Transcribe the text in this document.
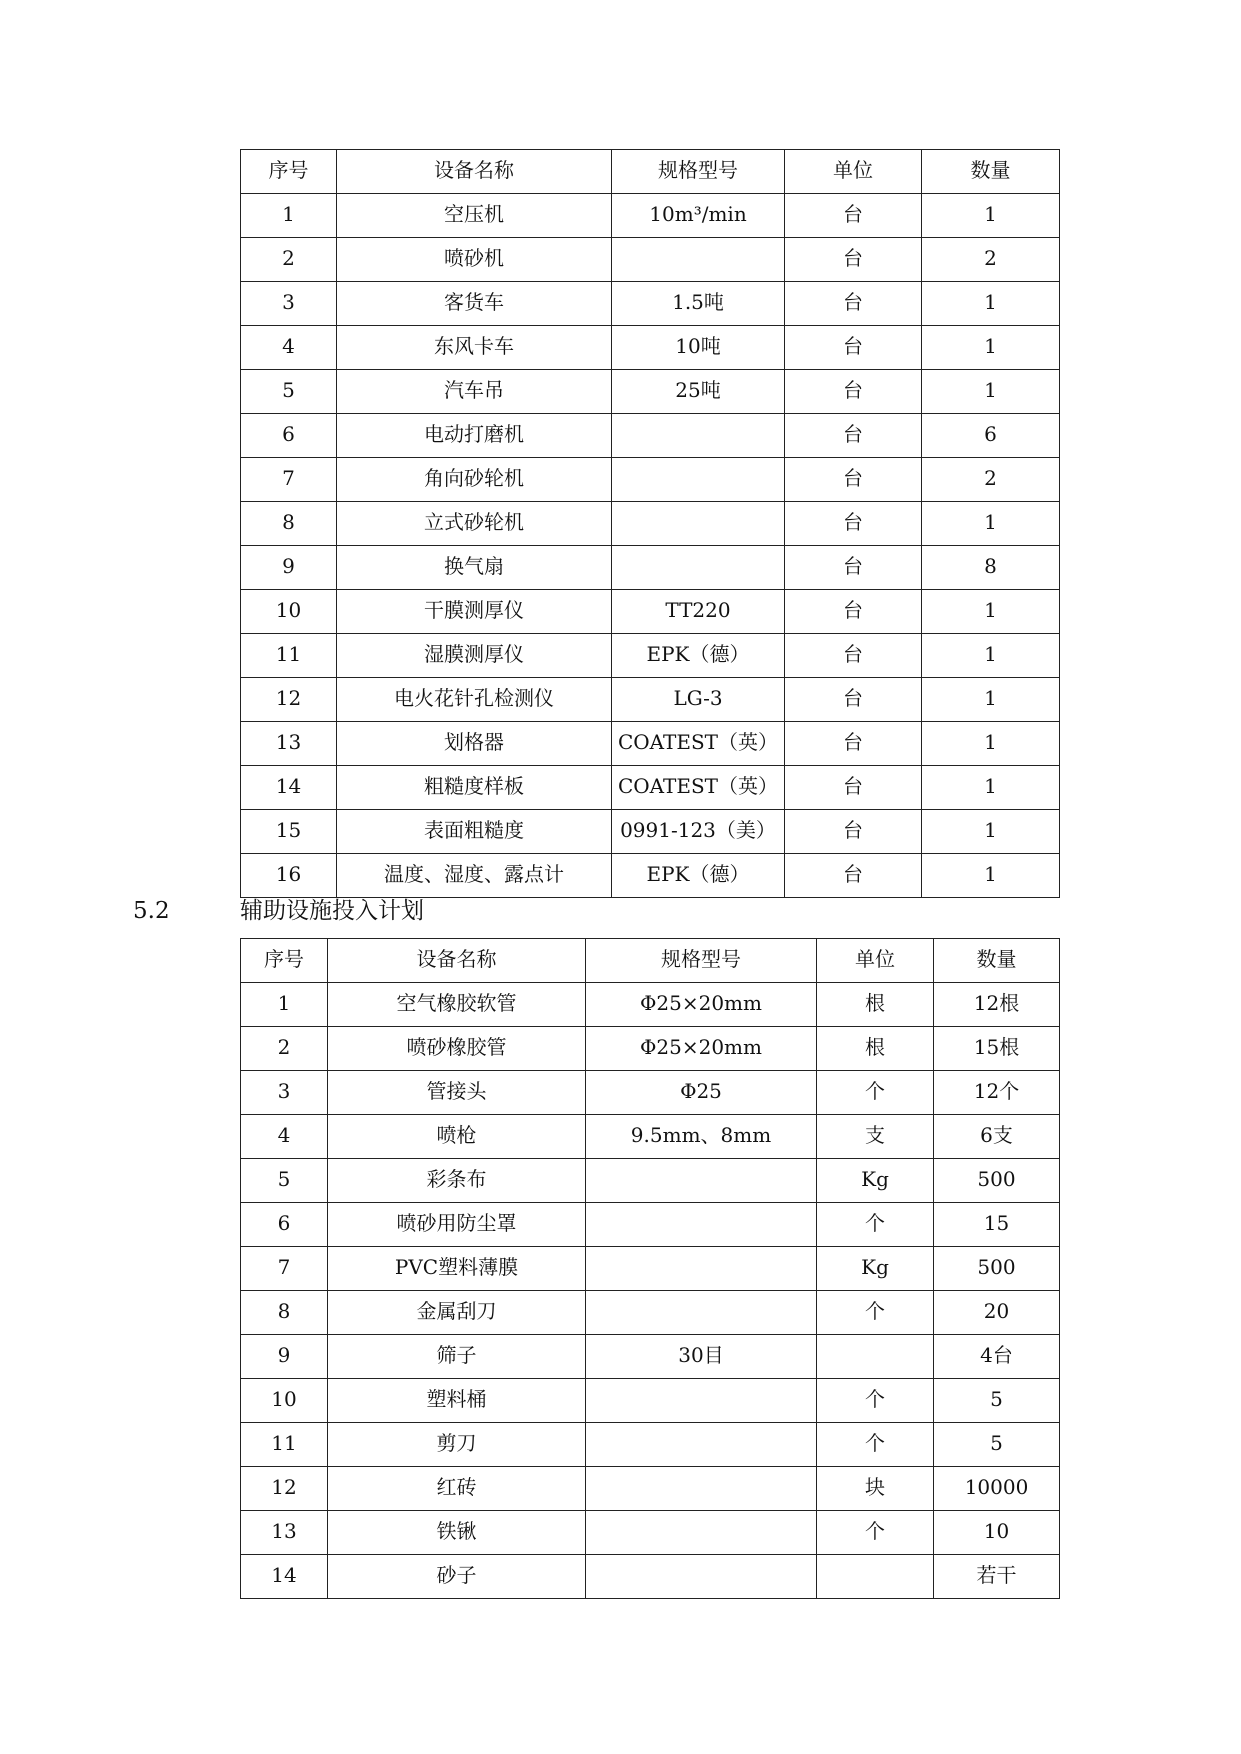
序号	设备名称	规格型号	单位	数量
1	空压机	10m³/min	台	1
2	喷砂机		台	2
3	客货车	1.5吨	台	1
4	东风卡车	10吨	台	1
5	汽车吊	25吨	台	1
6	电动打磨机		台	6
7	角向砂轮机		台	2
8	立式砂轮机		台	1
9	换气扇		台	8
10	干膜测厚仪	TT220	台	1
11	湿膜测厚仪	EPK（德）	台	1
12	电火花针孔检测仪	LG-3	台	1
13	划格器	COATEST（英）	台	1
14	粗糙度样板	COATEST（英）	台	1
15	表面粗糙度	0991-123（美）	台	1
16	温度、湿度、露点计	EPK（德）	台	1
5.2	辅助设施投入计划
序号	设备名称	规格型号	单位	数量
1	空气橡胶软管	Φ25×20mm	根	12根
2	喷砂橡胶管	Φ25×20mm	根	15根
3	管接头	Φ25	个	12个
4	喷枪	9.5mm、8mm	支	6支
5	彩条布		Kg	500
6	喷砂用防尘罩		个	15
7	PVC塑料薄膜		Kg	500
8	金属刮刀		个	20
9	筛子	30目		4台
10	塑料桶		个	5
11	剪刀		个	5
12	红砖		块	10000
13	铁锹		个	10
14	砂子			若干
